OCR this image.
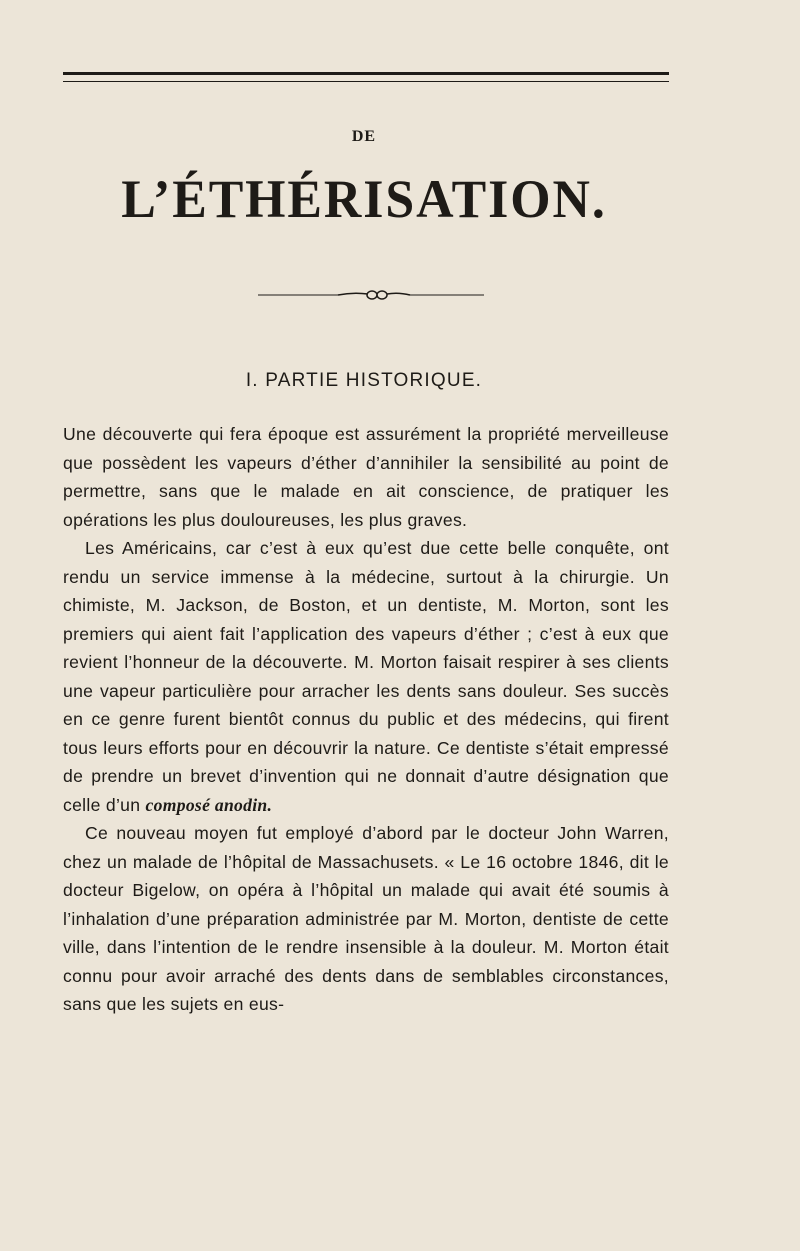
DE
L’ÉTHÉRISATION.
I. PARTIE HISTORIQUE.

Une découverte qui fera époque est assurément la propriété merveilleuse que possèdent les vapeurs d’éther d’annihiler la sensibilité au point de permettre, sans que le malade en ait conscience, de pratiquer les opérations les plus douloureuses, les plus graves.

Les Américains, car c’est à eux qu’est due cette belle conquête, ont rendu un service immense à la médecine, surtout à la chirurgie. Un chimiste, M. Jackson, de Boston, et un dentiste, M. Morton, sont les premiers qui aient fait l’application des vapeurs d’éther ; c’est à eux que revient l’honneur de la découverte. M. Morton faisait respirer à ses clients une vapeur particulière pour arracher les dents sans douleur. Ses succès en ce genre furent bientôt connus du public et des médecins, qui firent tous leurs efforts pour en découvrir la nature. Ce dentiste s’était empressé de prendre un brevet d’invention qui ne donnait d’autre désignation que celle d’un composé anodin.

Ce nouveau moyen fut employé d’abord par le docteur John Warren, chez un malade de l’hôpital de Massachusets. « Le 16 octobre 1846, dit le docteur Bigelow, on opéra à l’hôpital un malade qui avait été soumis à l’inhalation d’une préparation administrée par M. Morton, dentiste de cette ville, dans l’intention de le rendre insensible à la douleur. M. Morton était connu pour avoir arraché des dents dans de semblables circonstances, sans que les sujets en eus-
